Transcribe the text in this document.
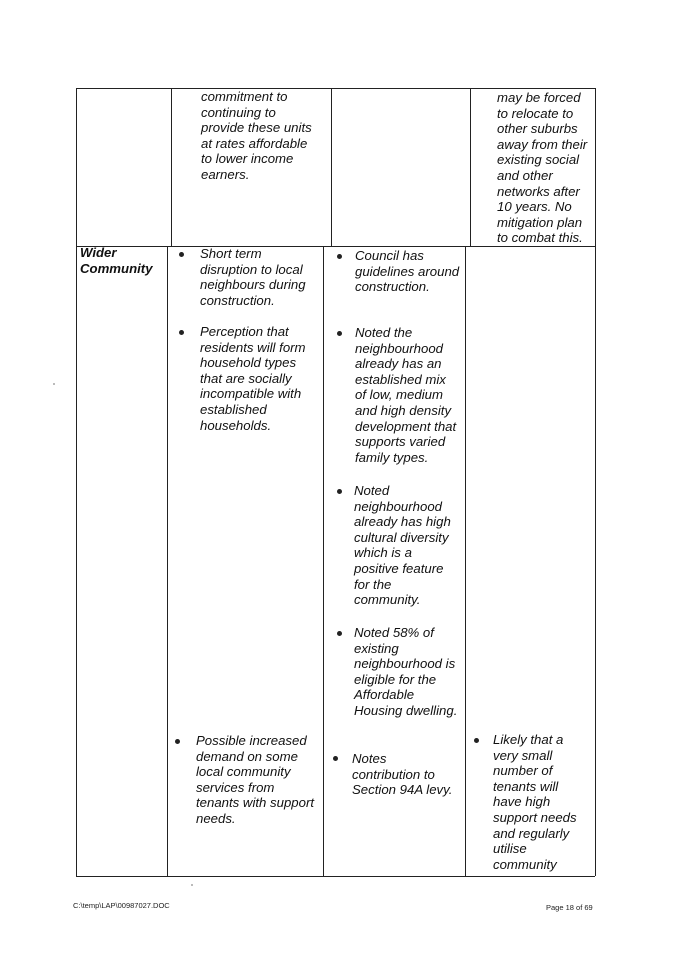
commitment to
continuing to
provide these units
at rates affordable
to lower income
earners.
may be forced
to relocate to
other suburbs
away from their
existing social
and other
networks after
10 years. No
mitigation plan
to combat this.
Wider
Community
Short term
disruption to local
neighbours during
construction.
Perception that
residents will form
household types
that are socially
incompatible with
established
households.
Council has
guidelines around
construction.
Noted the
neighbourhood
already has an
established mix
of low, medium
and high density
development that
supports varied
family types.
Noted
neighbourhood
already has high
cultural diversity
which is a
positive feature
for the
community.
Noted 58% of
existing
neighbourhood is
eligible for the
Affordable
Housing dwelling.
Possible increased
demand on some
local community
services from
tenants with support
needs.
Notes
contribution to
Section 94A levy.
Likely that a
very small
number of
tenants will
have high
support needs
and regularly
utilise
community
C:\temp\LAP\00987027.DOC	Page 18 of 69
